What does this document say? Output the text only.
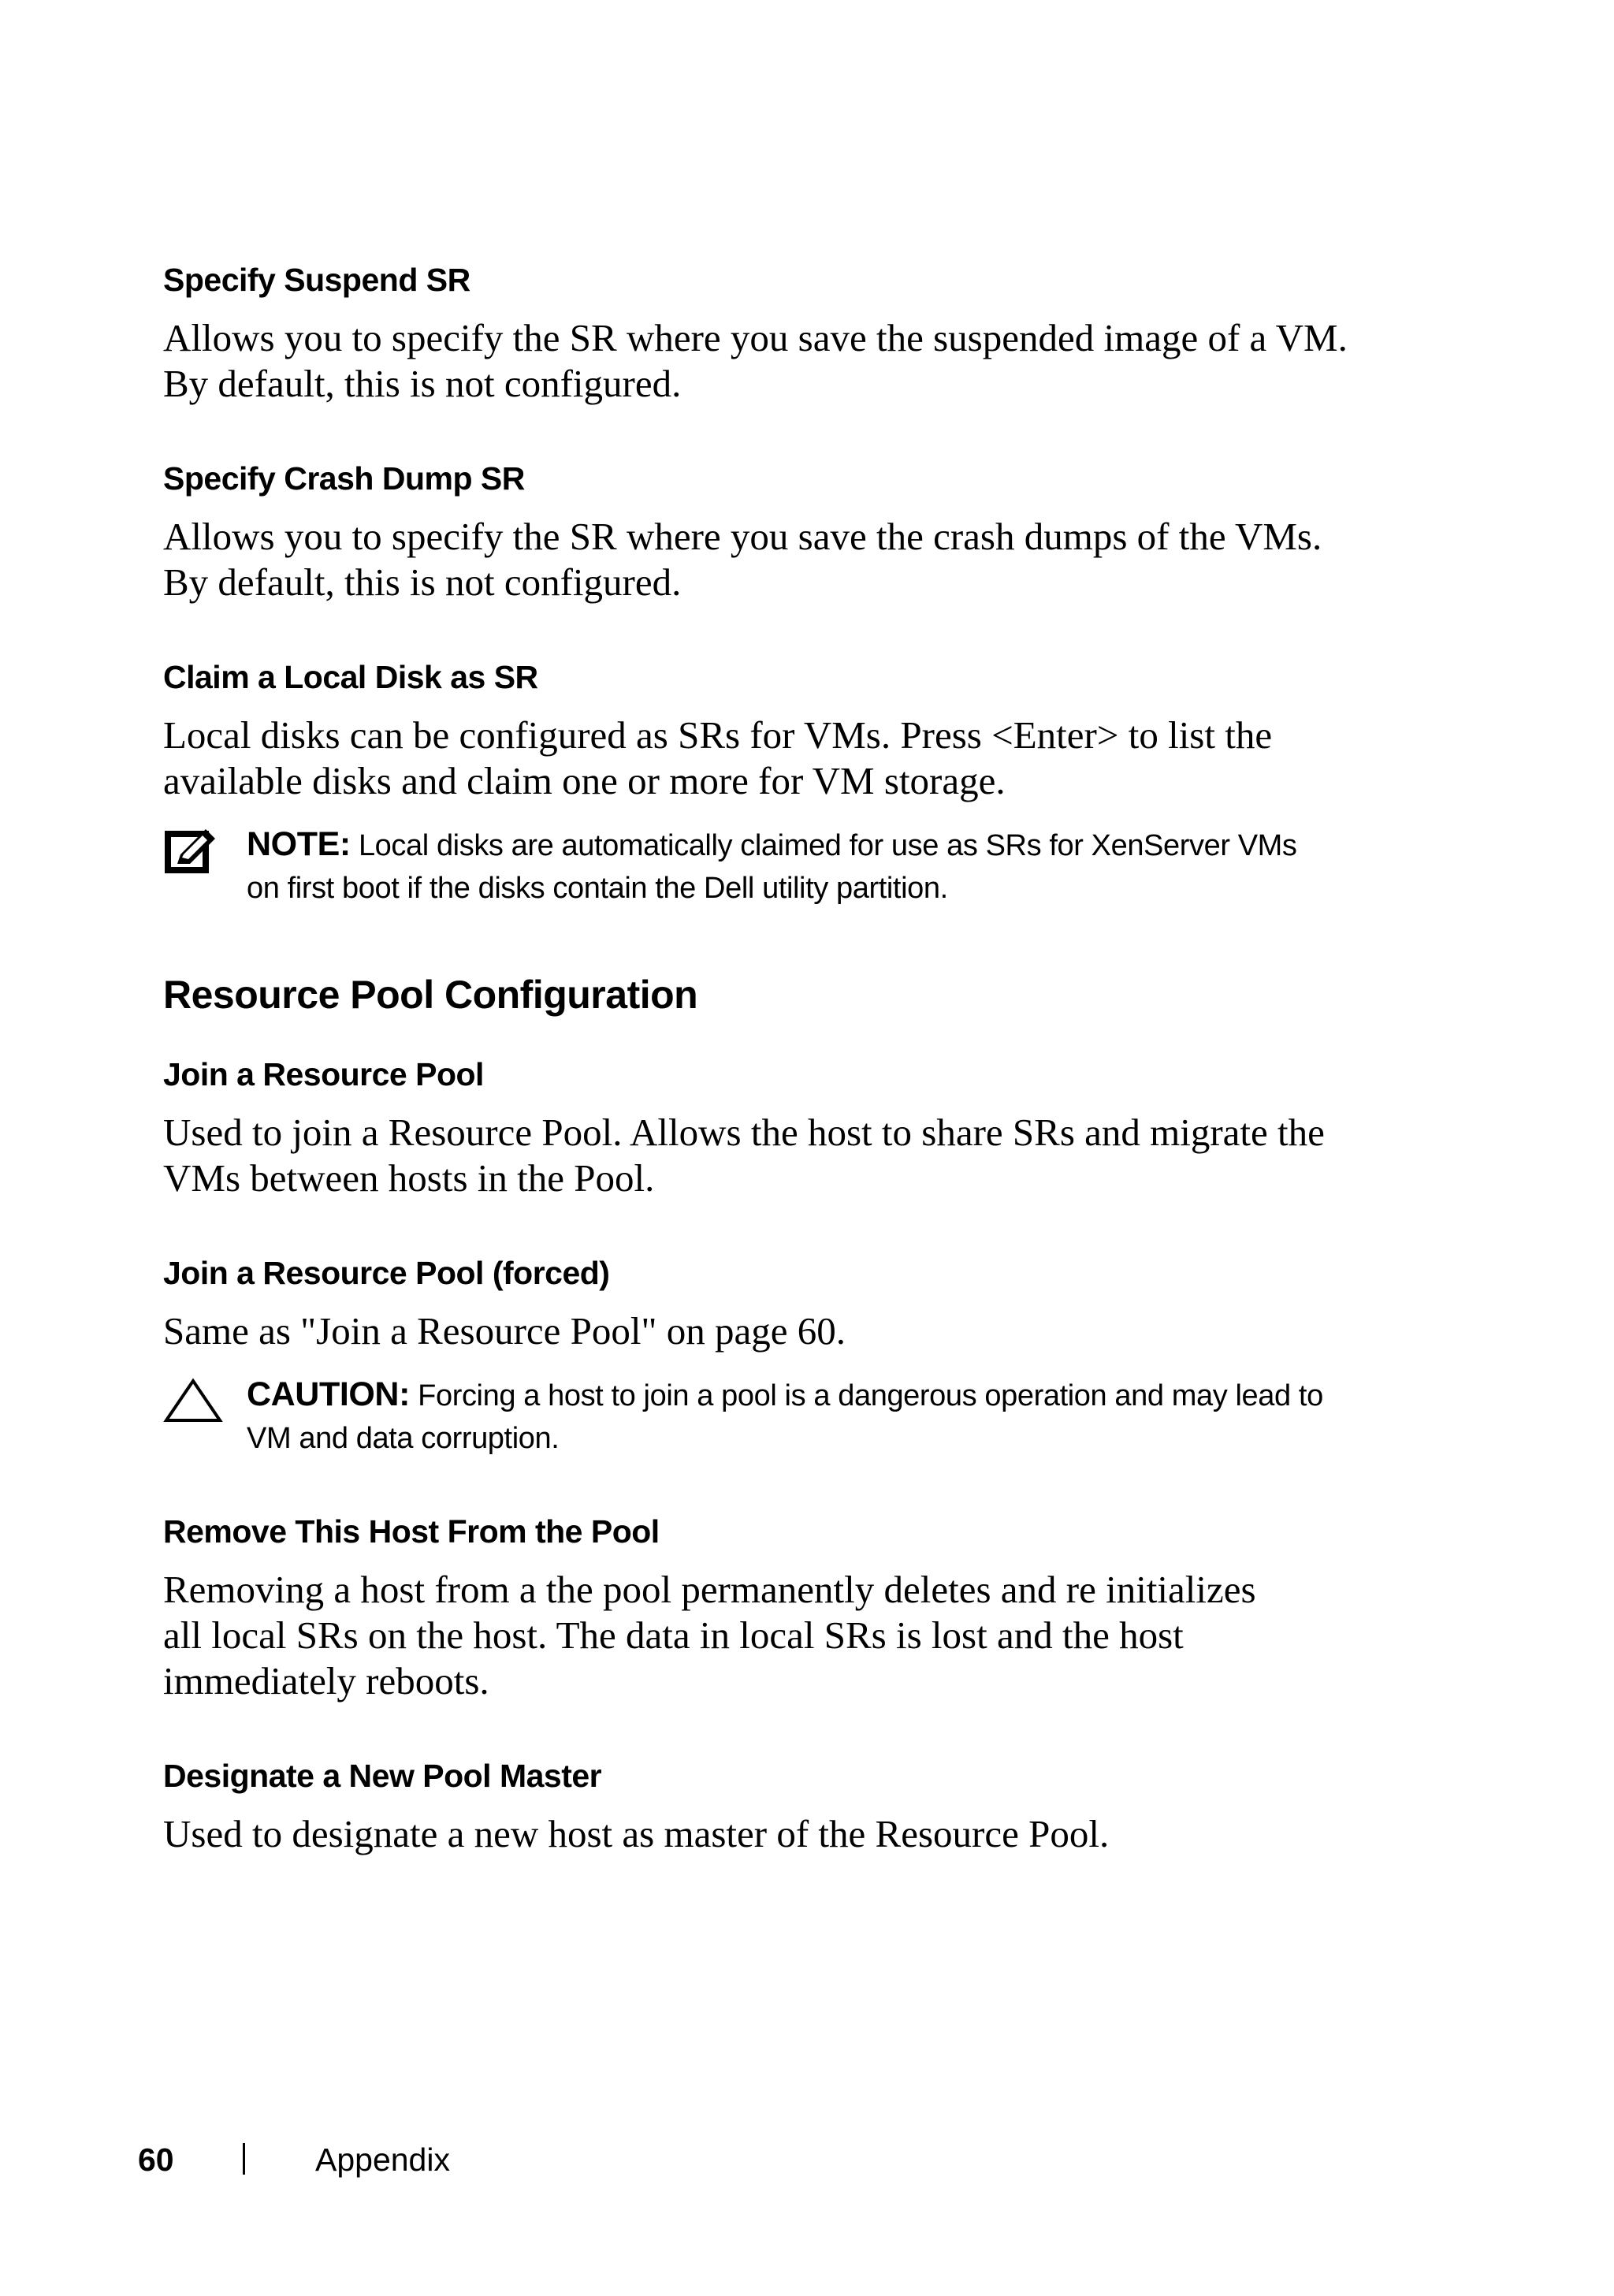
Specify Suspend SR

Allows you to specify the SR where you save the suspended image of a VM.
By default, this is not configured.

Specify Crash Dump SR

Allows you to specify the SR where you save the crash dumps of the VMs.
By default, this is not configured.

Claim a Local Disk as SR

Local disks can be configured as SRs for VMs. Press <Enter> to list the
available disks and claim one or more for VM storage.

NOTE: Local disks are automatically claimed for use as SRs for XenServer VMs
on first boot if the disks contain the Dell utility partition.

Resource Pool Configuration

Join a Resource Pool

Used to join a Resource Pool. Allows the host to share SRs and migrate the
VMs between hosts in the Pool.

Join a Resource Pool (forced)

Same as "Join a Resource Pool" on page 60.

CAUTION: Forcing a host to join a pool is a dangerous operation and may lead to
VM and data corruption.

Remove This Host From the Pool

Removing a host from a the pool permanently deletes and re initializes
all local SRs on the host. The data in local SRs is lost and the host
immediately reboots.

Designate a New Pool Master

Used to designate a new host as master of the Resource Pool.

60	Appendix
